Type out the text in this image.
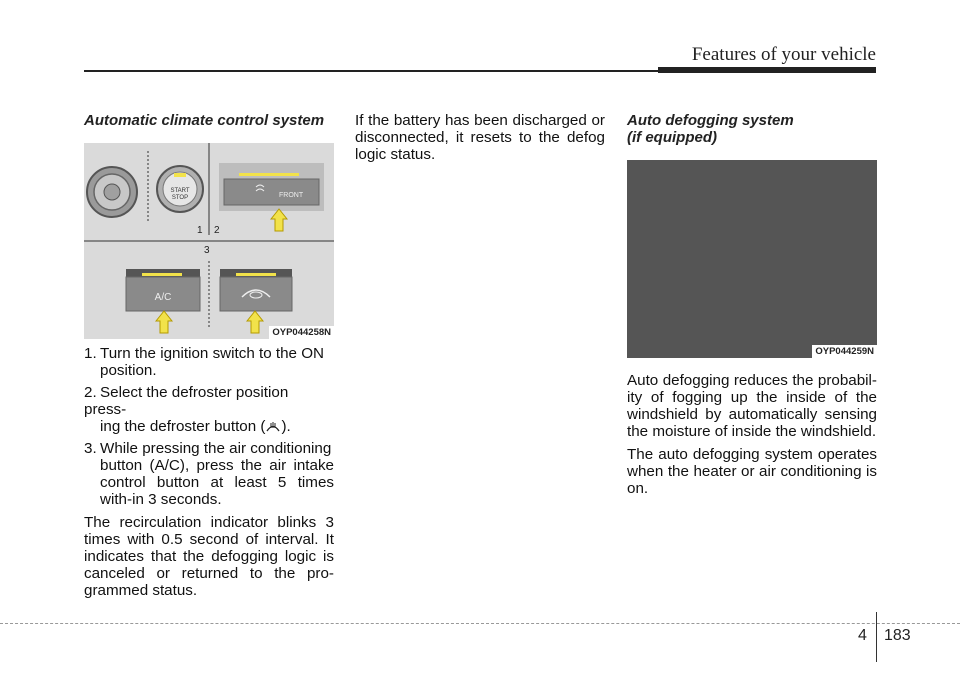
Features of your vehicle
Automatic climate control system
START
STOP	FRONT
1 2
3
A/C
OYP044258N
1. Turn the ignition switch to the ON
position.
2. Select the defroster position press-
ing the defroster button ( ).
3. While pressing the air conditioning
button (A/C), press the air intake control button at least 5 times with-in 3 seconds.

The recirculation indicator blinks 3 times with 0.5 second of interval. It indicates that the defogging logic is canceled or returned to the pro-grammed status.

If the battery has been discharged or disconnected, it resets to the defog logic status.

Auto defogging system
(if equipped)
OYP044259N

Auto defogging reduces the probabil-ity of fogging up the inside of the windshield by automatically sensing the moisture of inside the windshield.

The auto defogging system operates when the heater or air conditioning is on.

4 183
